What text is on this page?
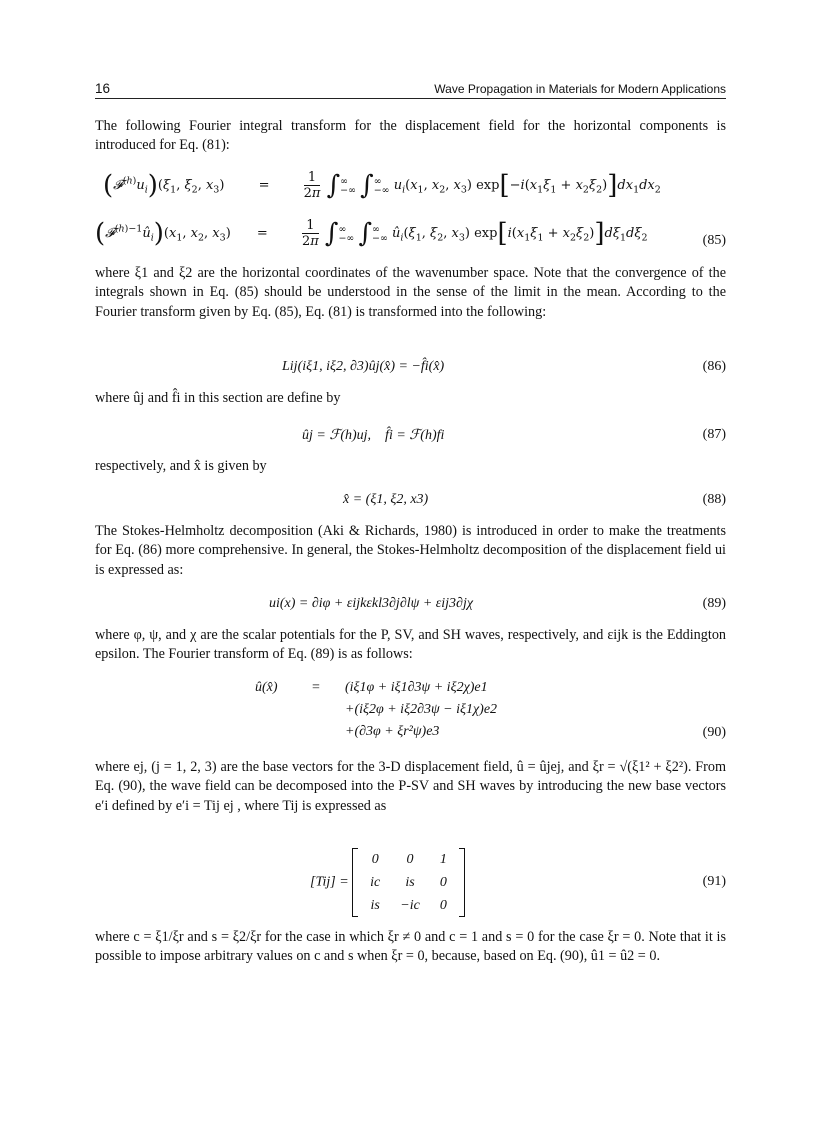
16	Wave Propagation in Materials for Modern Applications
The following Fourier integral transform for the displacement field for the horizontal components is introduced for Eq. (81):
$(𝓕^{(h)}u_i)(\xi_1$, $\xi_2$, $x_3$) =	$\frac{1}{2\pi}$ ∫ ∞
−∞ ∫ ∞
−∞ $u_i(x_1$, $x_2$, $x_3$) $\exp[-i(x_1\xi_1 + x_2\xi_2)]dx_1dx_2$
$(𝓕^{(h)-1}û_i)(x_1$, $x_2$, $x_3$) =	$\frac{1}{2\pi}$ ∫ ∞
−∞ ∫ ∞
−∞ $û_i(\xi_1$, $\xi_2$, $x_3$) $\exp[i(x_1\xi_1 + x_2\xi_2)]d\xi_1d\xi_2$	(85)
where ξ1 and ξ2 are the horizontal coordinates of the wavenumber space. Note that the convergence of the integrals shown in Eq. (85) should be understood in the sense of the limit in the mean. According to the Fourier transform given by Eq. (85), Eq. (81) is transformed into the following:
Lij(iξ1, iξ2, ∂3)ûj(x̂) = −f̂i(x̂)	(86)
where ûj and f̂i in this section are define by
ûj = ℱ(h)uj,    f̂i = ℱ(h)fi	(87)
respectively, and x̂ is given by
x̂ = (ξ1, ξ2, x3)	(88)
The Stokes-Helmholtz decomposition (Aki & Richards, 1980) is introduced in order to make the treatments for Eq. (86) more comprehensive. In general, the Stokes-Helmholtz decomposition of the displacement field ui is expressed as:
ui(x) = ∂iφ + εijkεkl3∂j∂lψ + εij3∂jχ	(89)
where φ, ψ, and χ are the scalar potentials for the P, SV, and SH waves, respectively, and εijk is the Eddington epsilon. The Fourier transform of Eq. (89) is as follows:
û(x̂) = (iξ1φ + iξ1∂3ψ + iξ2χ)e1
+(iξ2φ + iξ2∂3ψ − iξ1χ)e2
+(∂3φ + ξr²ψ)e3	(90)
where ej, (j = 1, 2, 3) are the base vectors for the 3-D displacement field, û = ûjej, and ξr = √(ξ1² + ξ2²). From Eq. (90), the wave field can be decomposed into the P-SV and SH waves by introducing the new base vectors e′i defined by e′i = Tij ej , where Tij is expressed as
[Tij] =
0	0	1
ic	is	0
is	−ic	0
(91)
where c = ξ1/ξr and s = ξ2/ξr for the case in which ξr ≠ 0 and c = 1 and s = 0 for the case ξr = 0. Note that it is possible to impose arbitrary values on c and s when ξr = 0, because, based on Eq. (90), û1 = û2 = 0.
